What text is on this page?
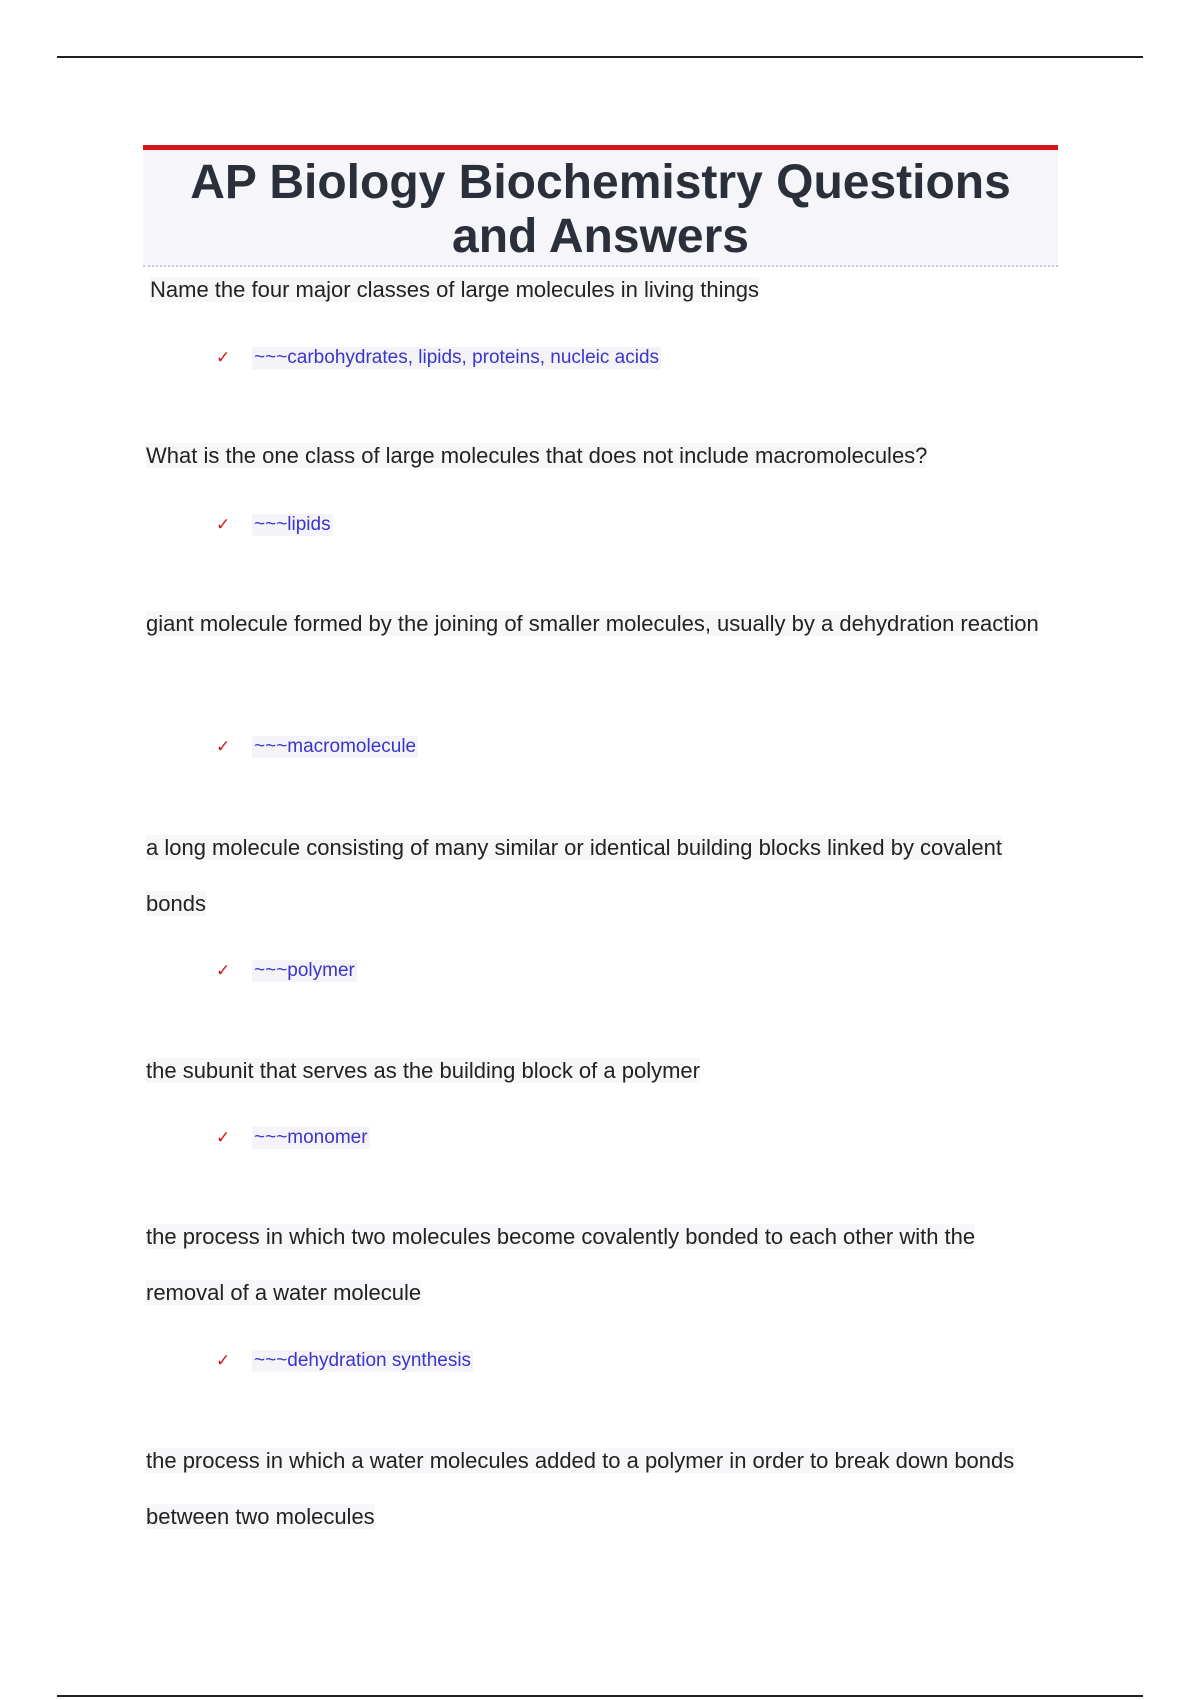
AP Biology Biochemistry Questions and Answers

Name the four major classes of large molecules in living things

✓	~~~carbohydrates, lipids, proteins, nucleic acids

What is the one class of large molecules that does not include macromolecules?

✓	~~~lipids

giant molecule formed by the joining of smaller molecules, usually by a dehydration reaction

✓	~~~macromolecule

a long molecule consisting of many similar or identical building blocks linked by covalent bonds

✓	~~~polymer

the subunit that serves as the building block of a polymer

✓	~~~monomer

the process in which two molecules become covalently bonded to each other with the removal of a water molecule

✓	~~~dehydration synthesis

the process in which a water molecules added to a polymer in order to break down bonds between two molecules
